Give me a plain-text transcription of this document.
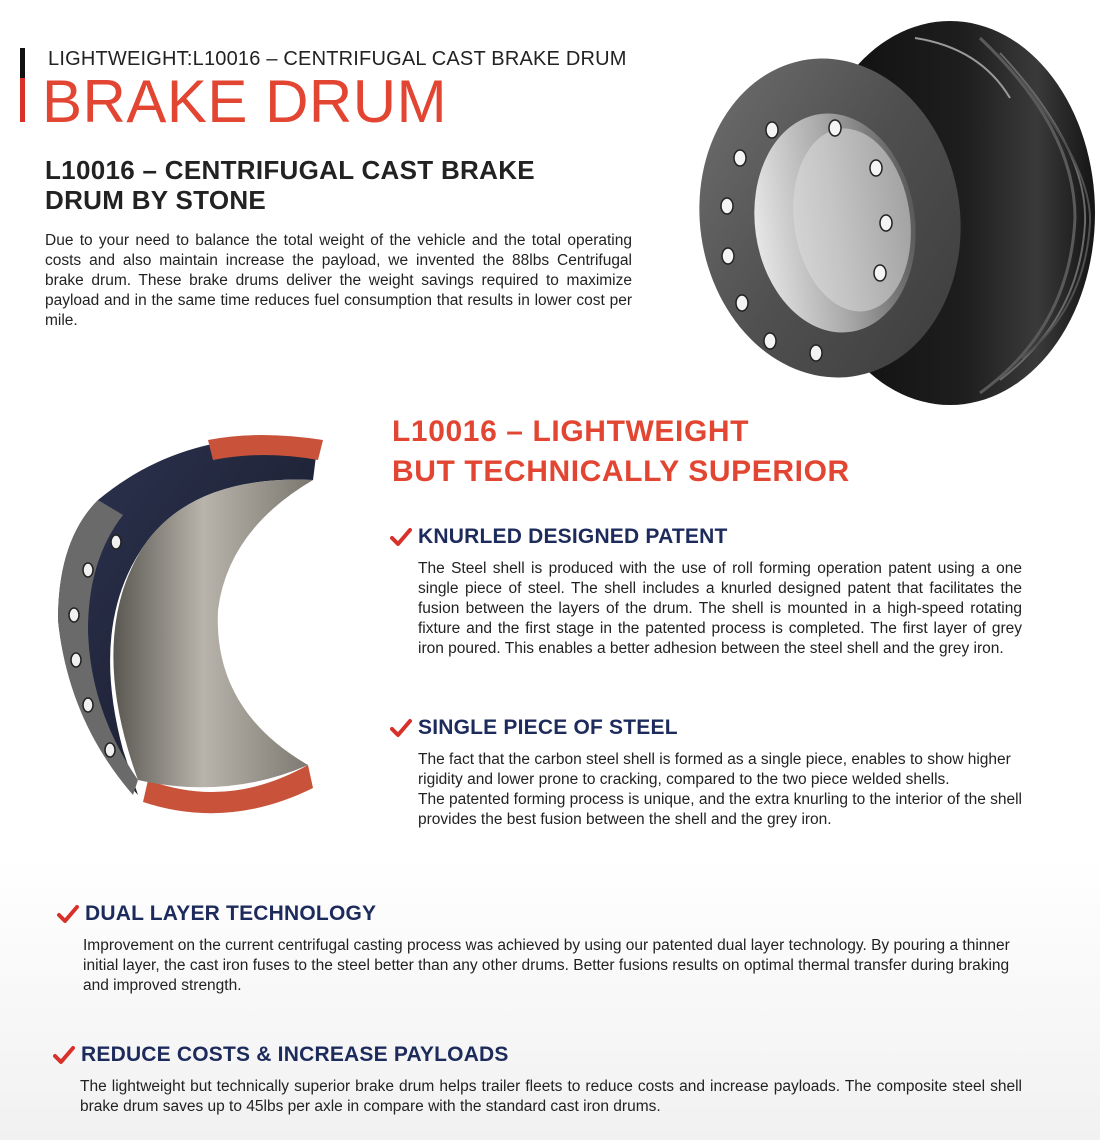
LIGHTWEIGHT:L10016 – CENTRIFUGAL CAST BRAKE DRUM
BRAKE DRUM
L10016 – CENTRIFUGAL CAST BRAKE DRUM BY STONE
Due to your need to balance the total weight of the vehicle and the total operating costs and also maintain increase the payload, we invented the 88lbs Centrifugal brake drum. These brake drums deliver the weight savings required to maximize payload and in the same time reduces fuel consumption that results in lower cost per mile.
L10016 – LIGHTWEIGHT
BUT TECHNICALLY SUPERIOR
KNURLED DESIGNED PATENT

The Steel shell is produced with the use of roll forming operation patent using a one single piece of steel. The shell includes a knurled designed patent that facilitates the fusion between the layers of the drum. The shell is mounted in a high-speed rotating fixture and the first stage in the patented process is completed. The first layer of grey iron poured. This enables a better adhesion between the steel shell and the grey iron.

SINGLE PIECE OF STEEL

The fact that the carbon steel shell is formed as a single piece, enables to show higher rigidity and lower prone to cracking, compared to the two piece welded shells.

The patented forming process is unique, and the extra knurling to the interior of the shell provides the best fusion between the shell and the grey iron.

DUAL LAYER TECHNOLOGY

Improvement on the current centrifugal casting process was achieved by using our patented dual layer technology. By pouring a thinner initial layer, the cast iron fuses to the steel better than any other drums. Better fusions results on optimal thermal transfer during braking and improved strength.

REDUCE COSTS & INCREASE PAYLOADS

The lightweight but technically superior brake drum helps trailer fleets to reduce costs and increase payloads. The composite steel shell brake drum saves up to 45lbs per axle in compare with the standard cast iron drums.
